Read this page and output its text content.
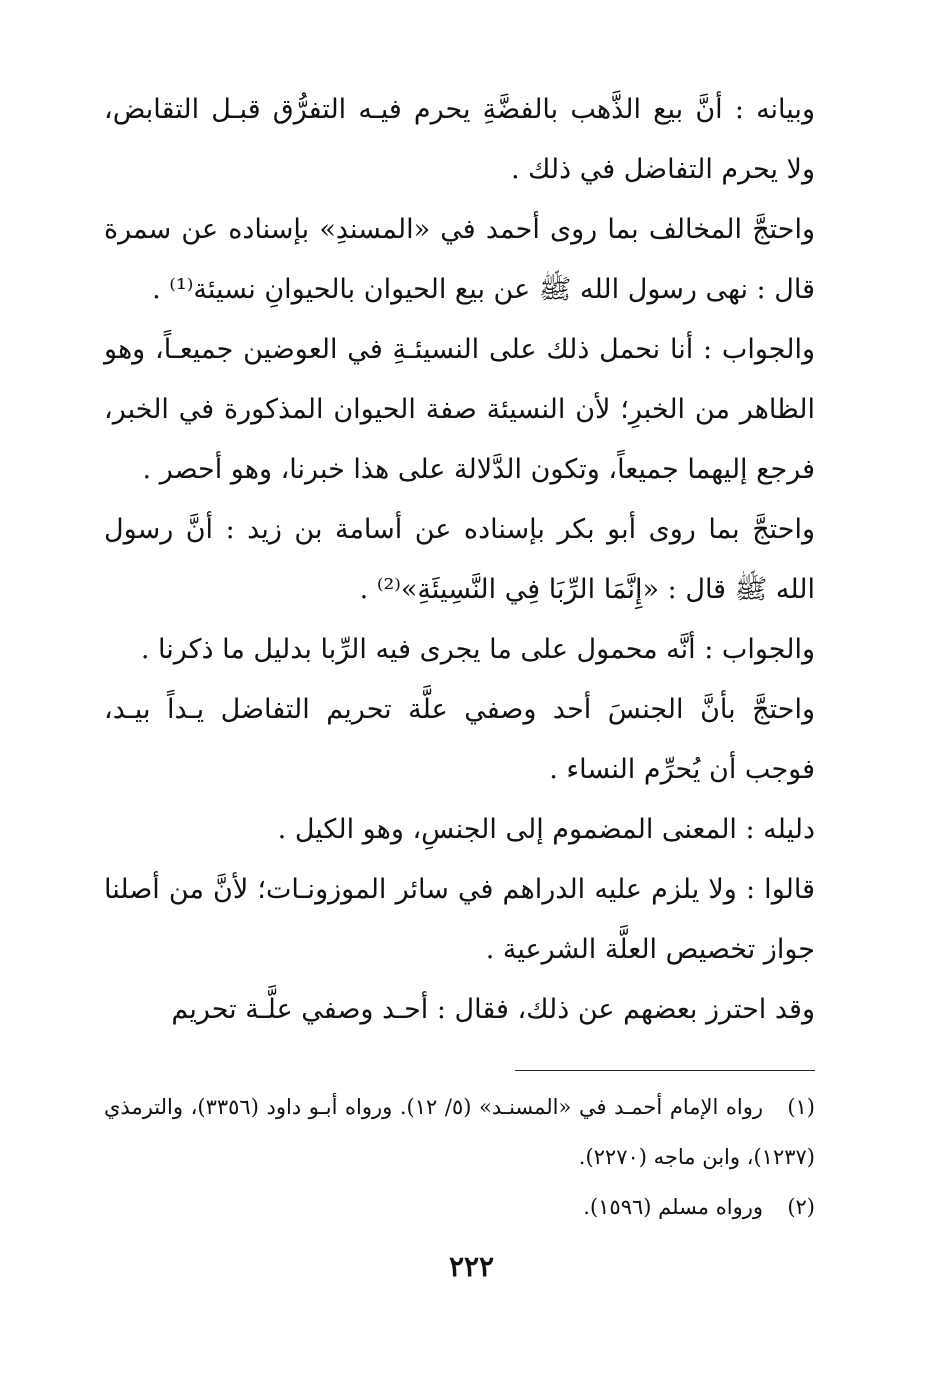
وبيانه : أنَّ بيع الذَّهب بالفضَّةِ يحرم فيـه التفرُّق قبـل التقابض، ولا يحرم التفاضل في ذلك .

واحتجَّ المخالف بما روى أحمد في «المسندِ» بإسناده عن سمرة قال : نهى رسول الله ﷺ عن بيع الحيوان بالحيوانِ نسيئة⁽¹⁾ .

والجواب : أنا نحمل ذلك على النسيئـةِ في العوضين جميعـاً، وهو الظاهر من الخبرِ؛ لأن النسيئة صفة الحيوان المذكورة في الخبر، فرجع إليهما جميعاً، وتكون الدَّلالة على هذا خبرنا، وهو أحصر .

واحتجَّ بما روى أبو بكر بإسناده عن أسامة بن زيد : أنَّ رسول الله ﷺ قال : «إِنَّمَا الرِّبَا فِي النَّسِيئَةِ»⁽²⁾ .

والجواب : أنَّه محمول على ما يجرى فيه الرِّبا بدليل ما ذكرنا .

واحتجَّ بأنَّ الجنسَ أحد وصفي علَّة تحريم التفاضل يـداً بيـد، فوجب أن يُحرِّم النساء .

دليله : المعنى المضموم إلى الجنسِ، وهو الكيل .

قالوا : ولا يلزم عليه الدراهم في سائر الموزونـات؛ لأنَّ من أصلنا جواز تخصيص العلَّة الشرعية .

وقد احترز بعضهم عن ذلك، فقال : أحـد وصفي علَّـة تحريم

(١)رواه الإمام أحمـد في «المسنـد» (٥/ ١٢). ورواه أبـو داود (٣٣٥٦)، والترمذي (١٢٣٧)، وابن ماجه (٢٢٧٠).

(٢)ورواه مسلم (١٥٩٦).

٢٢٢
